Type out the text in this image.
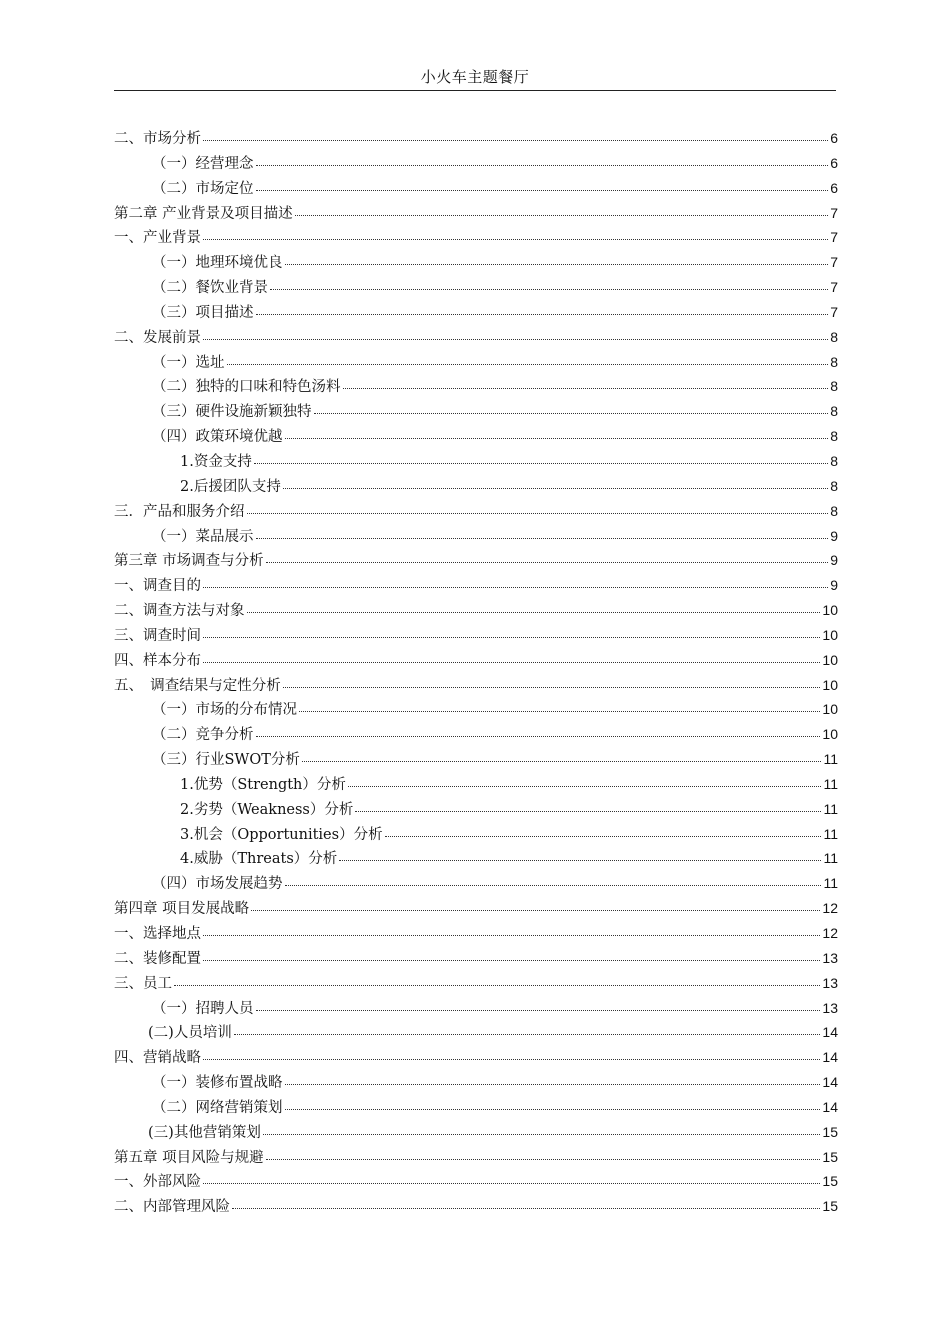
小火车主题餐厅
二、市场分析	6
（一）经营理念	6
（二）市场定位	6
第二章 产业背景及项目描述	7
一、产业背景	7
（一）地理环境优良	7
（二）餐饮业背景	7
（三）项目描述	7
二、发展前景	8
（一）选址	8
（二）独特的口味和特色汤料	8
（三）硬件设施新颖独特	8
（四）政策环境优越	8
1.资金支持	8
2.后援团队支持	8
三．产品和服务介绍	8
（一）菜品展示	9
第三章 市场调查与分析	9
一、调查目的	9
二、调查方法与对象	10
三、调查时间	10
四、样本分布	10
五、　调查结果与定性分析	10
（一）市场的分布情况	10
（二）竞争分析	10
（三）行业SWOT分析	11
1.优势（Strength）分析	11
2.劣势（Weakness）分析	11
3.机会（Opportunities）分析	11
4.威胁（Threats）分析	11
（四）市场发展趋势	11
第四章 项目发展战略	12
一、选择地点	12
二、装修配置	13
三、员工	13
（一）招聘人员	13
(二)人员培训	14
四、营销战略	14
（一）装修布置战略	14
（二）网络营销策划	14
(三)其他营销策划	15
第五章 项目风险与规避	15
一、外部风险	15
二、内部管理风险	15
